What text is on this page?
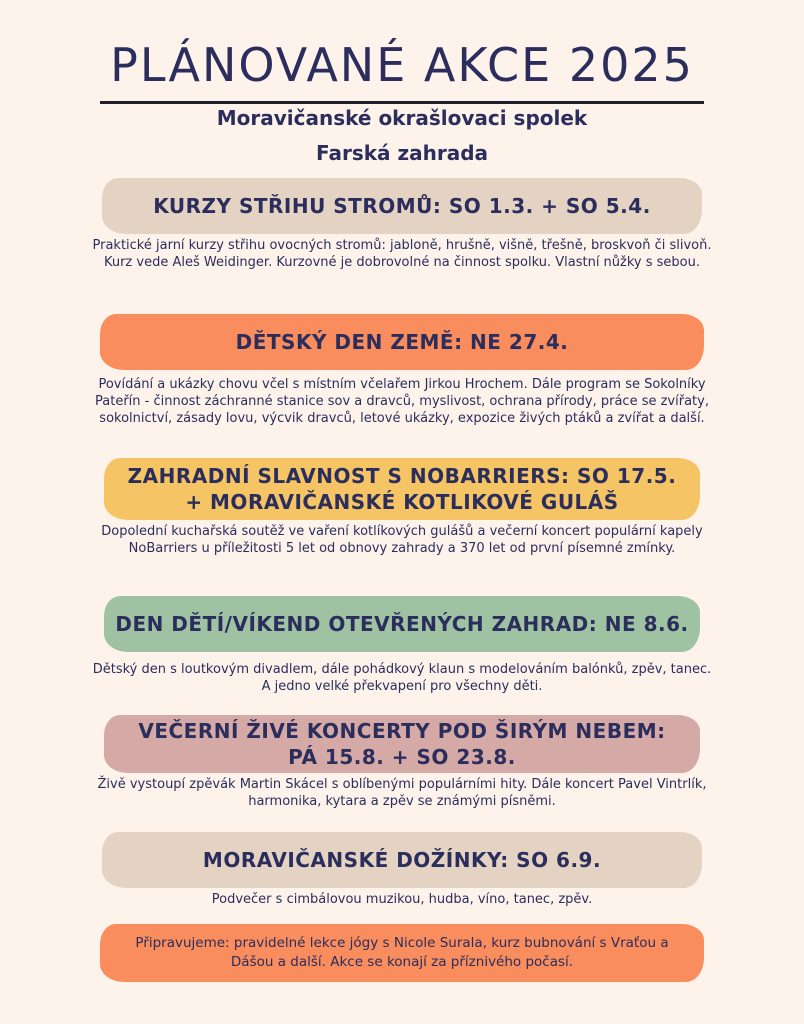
PLÁNOVANÉ AKCE 2025
Moravičanské okrašlovaci spolek
Farská zahrada
KURZY STŘIHU STROMŮ: SO 1.3. + SO 5.4.
Praktické jarní kurzy střihu ovocných stromů: jabloně, hrušně, višně, třešně, broskvoň či slivoň. Kurz vede Aleš Weidinger. Kurzovné je dobrovolné na činnost spolku. Vlastní nůžky s sebou.
DĚTSKÝ DEN ZEMĚ: NE 27.4.
Povídání a ukázky chovu včel s místním včelařem Jirkou Hrochem. Dále program se Sokolníky Pateřín - činnost záchranné stanice sov a dravců, myslivost, ochrana přírody, práce se zvířaty, sokolnictví, zásady lovu, výcvik dravců, letové ukázky, expozice živých ptáků a zvířat a další.
ZAHRADNÍ SLAVNOST S NOBARRIERS: SO 17.5.
+ MORAVIČANSKÉ KOTLIKOVÉ GULÁŠ
Dopolední kuchařská soutěž ve vaření kotlíkových gulášů a večerní koncert populární kapely NoBarriers u příležitosti 5 let od obnovy zahrady a 370 let od první písemné zmínky.
DEN DĚTÍ/VÍKEND OTEVŘENÝCH ZAHRAD: NE 8.6.
Dětský den s loutkovým divadlem, dále pohádkový klaun s modelováním balónků, zpěv, tanec. A jedno velké překvapení pro všechny děti.
VEČERNÍ ŽIVÉ KONCERTY POD ŠIRÝM NEBEM:
PÁ 15.8. + SO 23.8.
Živě vystoupí zpěvák Martin Skácel s oblíbenými populárními hity. Dále koncert Pavel Vintrlík, harmonika, kytara a zpěv se známými písněmi.
MORAVIČANSKÉ DOŽÍNKY: SO 6.9.
Podvečer s cimbálovou muzikou, hudba, víno, tanec, zpěv.
Připravujeme: pravidelné lekce jógy s Nicole Surala, kurz bubnování s Vraťou a Dášou a další. Akce se konají za příznivého počasí.
